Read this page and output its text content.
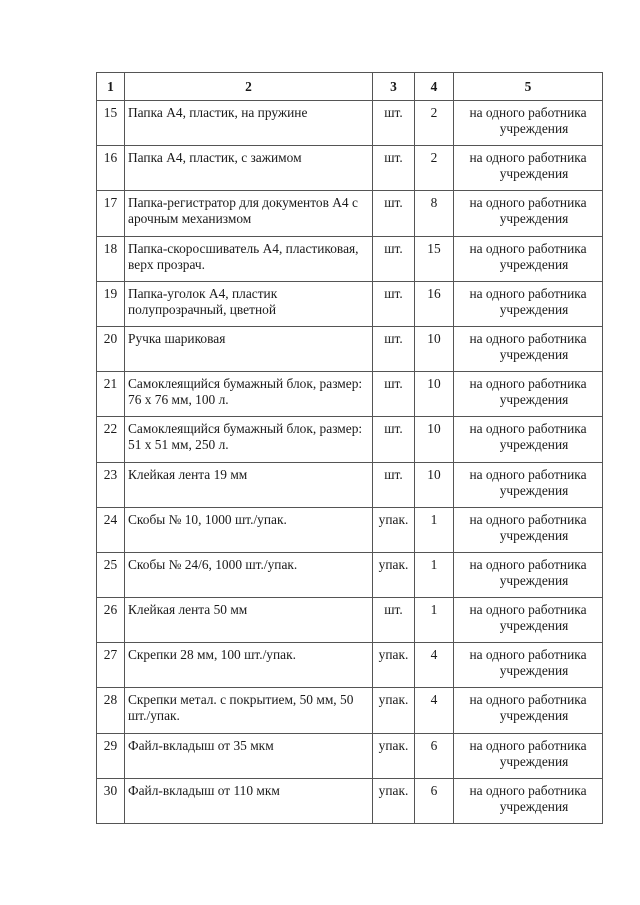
1	2	3	4	5
15	Папка А4, пластик, на пружине	шт.	2	на одного работника

учреждения

16	Папка А4, пластик, с зажимом	шт.	2	на одного работника

учреждения

17	Папка-регистратор для документов А4 с арочным механизмом	шт.	8	на одного работника

учреждения

18	Папка-скоросшиватель А4, пластиковая, верх прозрач.	шт.	15	на одного работника

учреждения

19	Папка-уголок А4, пластик полупрозрачный, цветной	шт.	16	на одного работника

учреждения

20	Ручка шариковая	шт.	10	на одного работника

учреждения

21	Самоклеящийся бумажный блок, размер: 76 х 76 мм, 100 л.	шт.	10	на одного работника

учреждения

22	Самоклеящийся бумажный блок, размер: 51 х 51 мм, 250 л.	шт.	10	на одного работника

учреждения

23	Клейкая лента 19 мм	шт.	10	на одного работника

учреждения

24	Скобы № 10, 1000 шт./упак.	упак.	1	на одного работника

учреждения

25	Скобы № 24/6, 1000 шт./упак.	упак.	1	на одного работника

учреждения

26	Клейкая лента 50 мм	шт.	1	на одного работника

учреждения

27	Скрепки 28 мм, 100 шт./упак.	упак.	4	на одного работника

учреждения

28	Скрепки метал. с покрытием, 50 мм, 50 шт./упак.	упак.	4	на одного работника

учреждения

29	Файл-вкладыш от 35 мкм	упак.	6	на одного работника

учреждения

30	Файл-вкладыш от 110 мкм	упак.	6	на одного работника

учреждения
